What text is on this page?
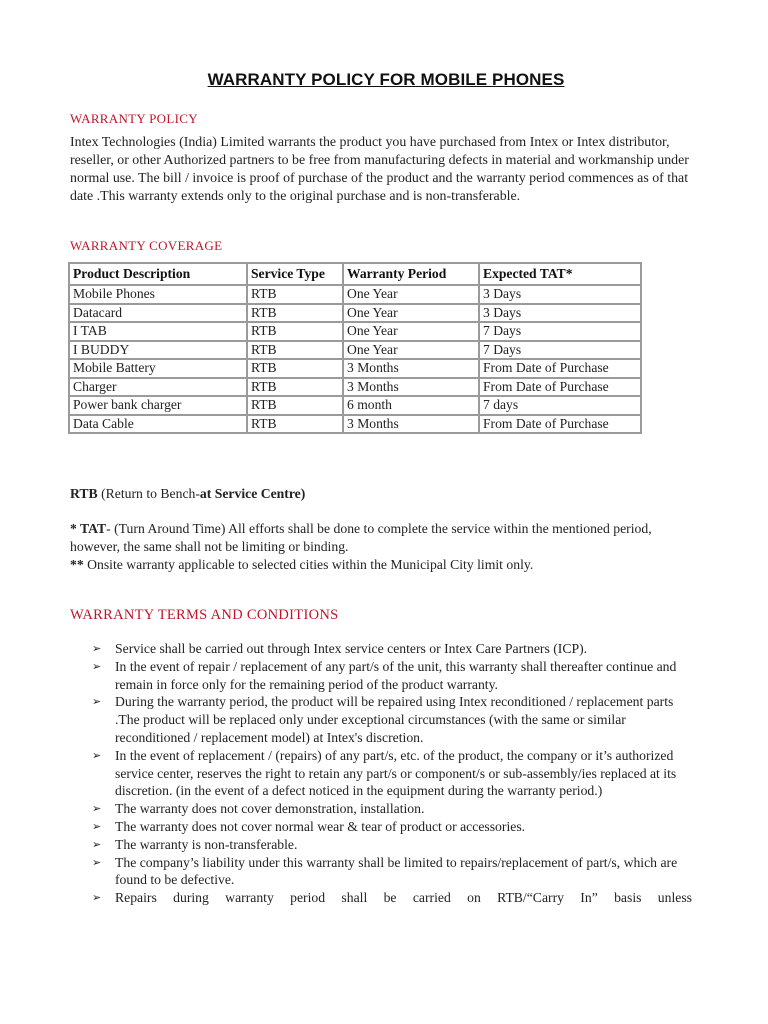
WARRANTY POLICY FOR MOBILE PHONES
WARRANTY POLICY
Intex Technologies (India) Limited warrants the product you have purchased from Intex or Intex distributor, reseller, or other Authorized partners to be free from manufacturing defects in material and workmanship under normal use. The bill / invoice is proof of purchase of the product and the warranty period commences as of that date .This warranty extends only to the original purchase and is non-transferable.
WARRANTY COVERAGE
Product Description	Service Type	Warranty Period	Expected TAT*
Mobile Phones	RTB	One Year	3 Days
Datacard	RTB	One Year	3 Days
I TAB	RTB	One Year	7 Days
I BUDDY	RTB	One Year	7 Days
Mobile Battery	RTB	3 Months	From Date of Purchase
Charger	RTB	3 Months	From Date of Purchase
Power bank charger	RTB	6 month	7 days
Data Cable	RTB	3 Months	From Date of Purchase
RTB (Return to Bench-at Service Centre)
* TAT- (Turn Around Time) All efforts shall be done to complete the service within the mentioned period, however, the same shall not be limiting or binding.
** Onsite warranty applicable to selected cities within the Municipal City limit only.
WARRANTY TERMS AND CONDITIONS
➢ Service shall be carried out through Intex service centers or Intex Care Partners (ICP).
➢ In the event of repair / replacement of any part/s of the unit, this warranty shall thereafter continue and remain in force only for the remaining period of the product warranty.
➢ During the warranty period, the product will be repaired using Intex reconditioned / replacement parts .The product will be replaced only under exceptional circumstances (with the same or similar reconditioned / replacement model) at Intex's discretion.
➢ In the event of replacement / (repairs) of any part/s, etc. of the product, the company or it’s authorized service center, reserves the right to retain any part/s or component/s or sub-assembly/ies replaced at its discretion. (in the event of a defect noticed in the equipment during the warranty period.)
➢ The warranty does not cover demonstration, installation.
➢ The warranty does not cover normal wear & tear of product or accessories.
➢ The warranty is non-transferable.
➢ The company’s liability under this warranty shall be limited to repairs/replacement of part/s, which are found to be defective.
➢ Repairs during warranty period shall be carried on RTB/“Carry In” basis unless
